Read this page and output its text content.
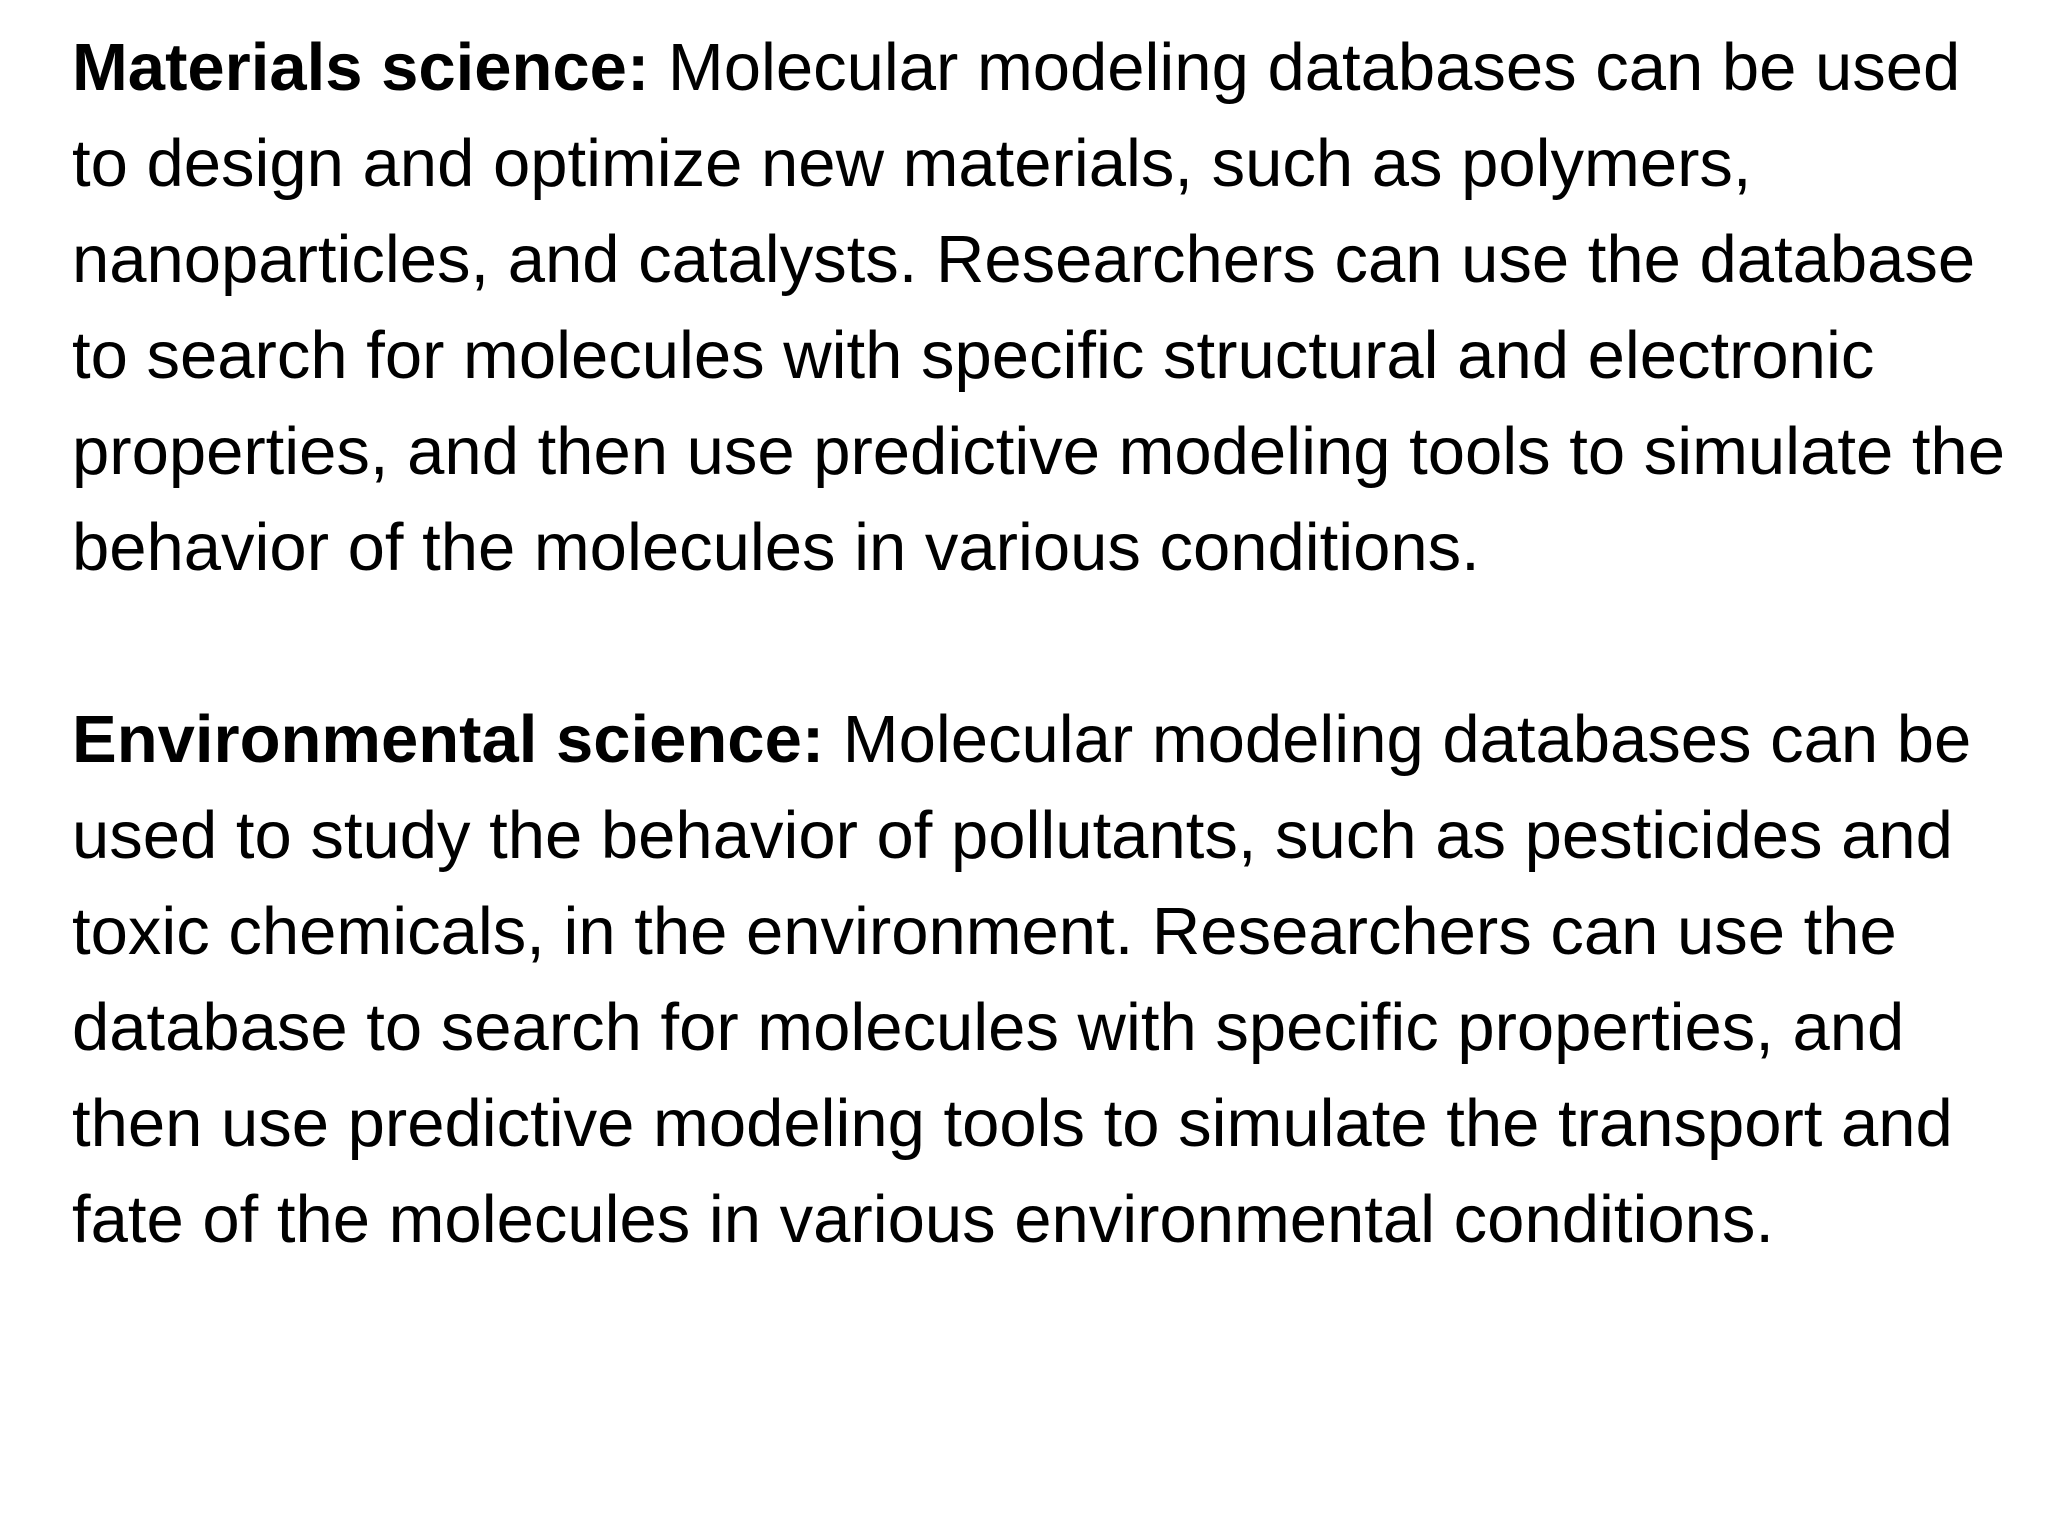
Materials science: Molecular modeling databases can be used to design and optimize new materials, such as polymers, nanoparticles, and catalysts. Researchers can use the database to search for molecules with specific structural and electronic properties, and then use predictive modeling tools to simulate the behavior of the molecules in various conditions.

Environmental science: Molecular modeling databases can be used to study the behavior of pollutants, such as pesticides and toxic chemicals, in the environment. Researchers can use the database to search for molecules with specific properties, and then use predictive modeling tools to simulate the transport and fate of the molecules in various environmental conditions.
